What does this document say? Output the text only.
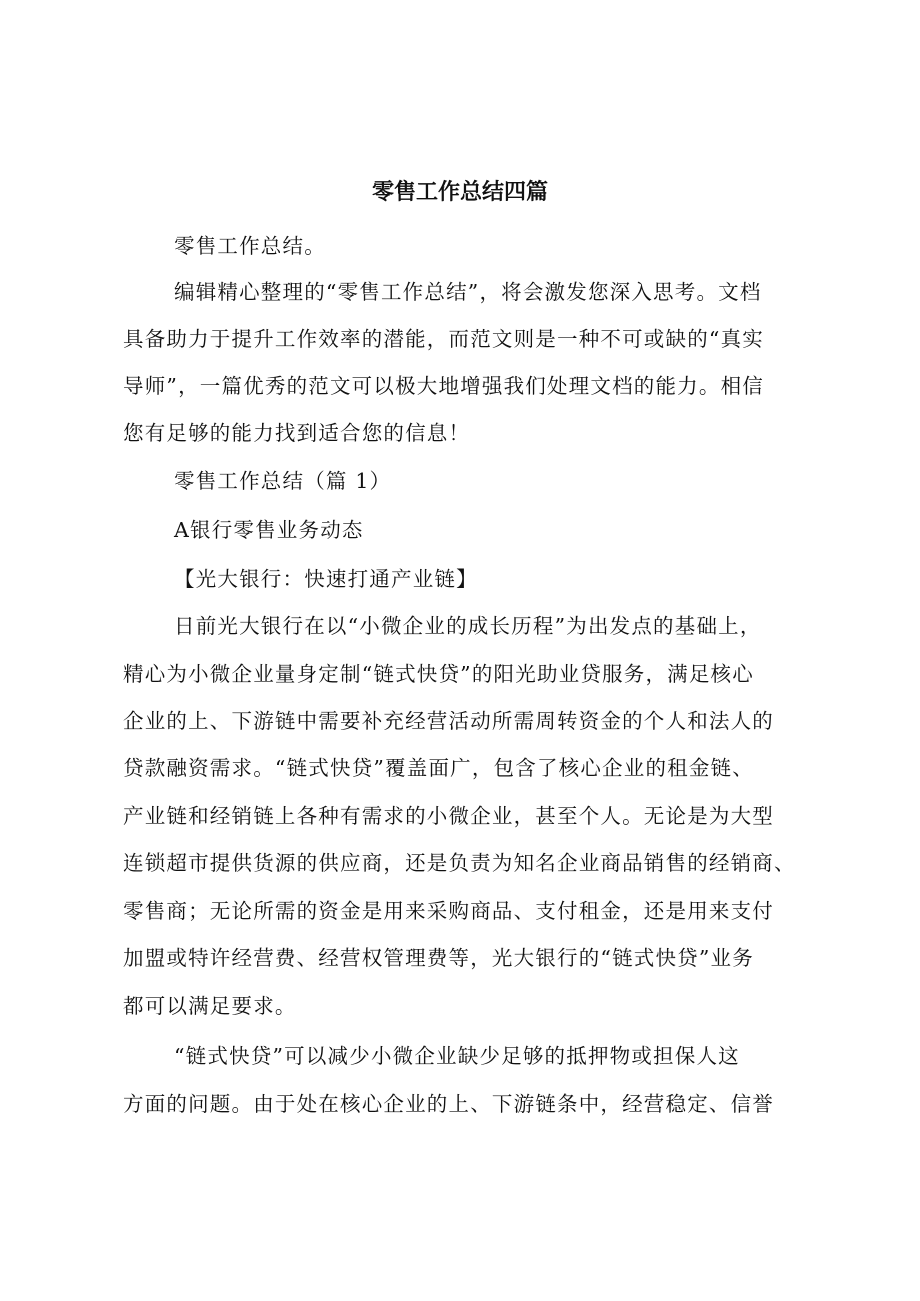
零售工作总结四篇
零售工作总结。
编辑精心整理的“零售工作总结”，将会激发您深入思考。文档
具备助力于提升工作效率的潜能，而范文则是一种不可或缺的“真实
导师”，一篇优秀的范文可以极大地增强我们处理文档的能力。相信
您有足够的能力找到适合您的信息！
零售工作总结（篇 1）
A银行零售业务动态
【光大银行：快速打通产业链】
日前光大银行在以“小微企业的成长历程”为出发点的基础上，
精心为小微企业量身定制“链式快贷”的阳光助业贷服务，满足核心
企业的上、下游链中需要补充经营活动所需周转资金的个人和法人的
贷款融资需求。“链式快贷”覆盖面广，包含了核心企业的租金链、
产业链和经销链上各种有需求的小微企业，甚至个人。无论是为大型
连锁超市提供货源的供应商，还是负责为知名企业商品销售的经销商、
零售商；无论所需的资金是用来采购商品、支付租金，还是用来支付
加盟或特许经营费、经营权管理费等，光大银行的“链式快贷”业务
都可以满足要求。
“链式快贷”可以减少小微企业缺少足够的抵押物或担保人这
方面的问题。由于处在核心企业的上、下游链条中，经营稳定、信誉
